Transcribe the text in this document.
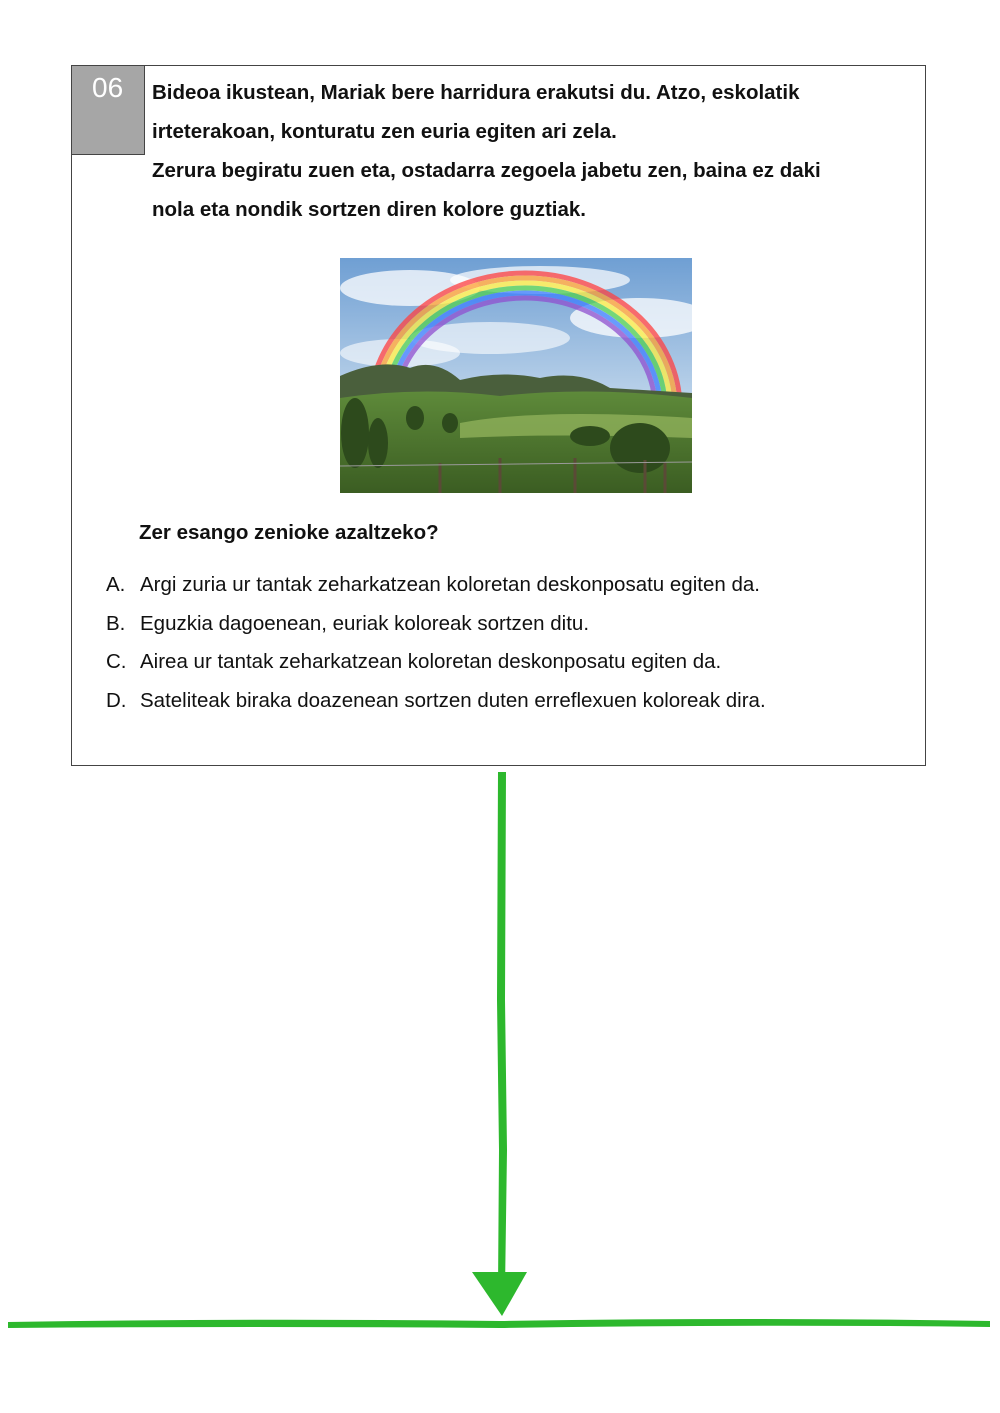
06	Bideoa ikustean, Mariak bere harridura erakutsi du. Atzo, eskolatik
irteterakoan, konturatu zen euria egiten ari zela.
Zerura begiratu zuen eta, ostadarra zegoela jabetu zen, baina ez daki
nola eta nondik sortzen diren kolore guztiak.

Zer esango zenioke azaltzeko?

A. Argi zuria ur tantak zeharkatzean koloretan deskonposatu egiten da.
B. Eguzkia dagoenean, euriak koloreak sortzen ditu.
C. Airea ur tantak zeharkatzean koloretan deskonposatu egiten da.
D. Sateliteak biraka doazenean sortzen duten erreflexuen koloreak dira.
